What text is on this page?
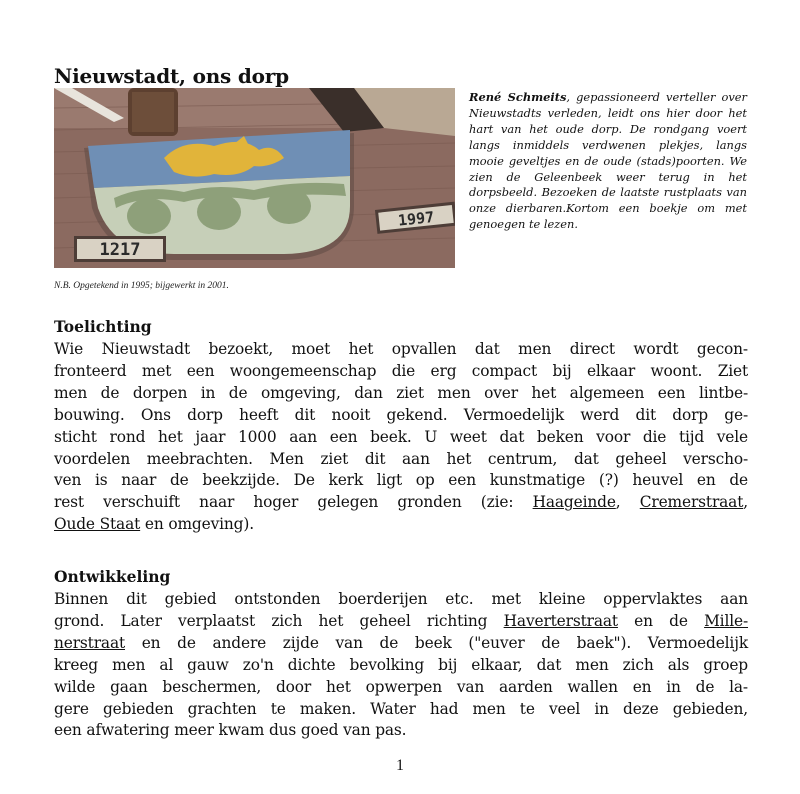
Nieuwstadt, ons dorp
1217
1997

René Schmeits, gepassioneerd verteller over Nieuwstadts verleden, leidt ons hier door het hart van het oude dorp. De rondgang voert langs inmiddels verdwenen plekjes, langs mooie geveltjes en de oude (stads)poorten. We zien de Geleenbeek weer terug in het dorpsbeeld. Bezoeken de laatste rustplaats van onze dierbaren.Kortom een boekje om met genoegen te lezen.

N.B. Opgetekend in 1995; bijgewerkt in 2001.

Toelichting
Wie Nieuwstadt bezoekt, moet het opvallen dat men direct wordt gecon-
fronteerd met een woongemeenschap die erg compact bij elkaar woont. Ziet
men de dorpen in de omgeving, dan ziet men over het algemeen een lintbe-
bouwing. Ons dorp heeft dit nooit gekend. Vermoedelijk werd dit dorp ge-
sticht rond het jaar 1000 aan een beek. U weet dat beken voor die tijd vele
voordelen meebrachten. Men ziet dit aan het centrum, dat geheel verscho-
ven is naar de beekzijde. De kerk ligt op een kunstmatige (?) heuvel en de
rest verschuift naar hoger gelegen gronden (zie: Haageinde, Cremerstraat,
Oude Staat en omgeving).
Ontwikkeling
Binnen dit gebied ontstonden boerderijen etc. met kleine oppervlaktes aan
grond. Later verplaatst zich het geheel richting Haverterstraat en de Mille-
nerstraat en de andere zijde van de beek ("euver de baek"). Vermoedelijk
kreeg men al gauw zo'n dichte bevolking bij elkaar, dat men zich als groep
wilde gaan beschermen, door het opwerpen van aarden wallen en in de la-
gere gebieden grachten te maken. Water had men te veel in deze gebieden,
een afwatering meer kwam dus goed van pas.
1
